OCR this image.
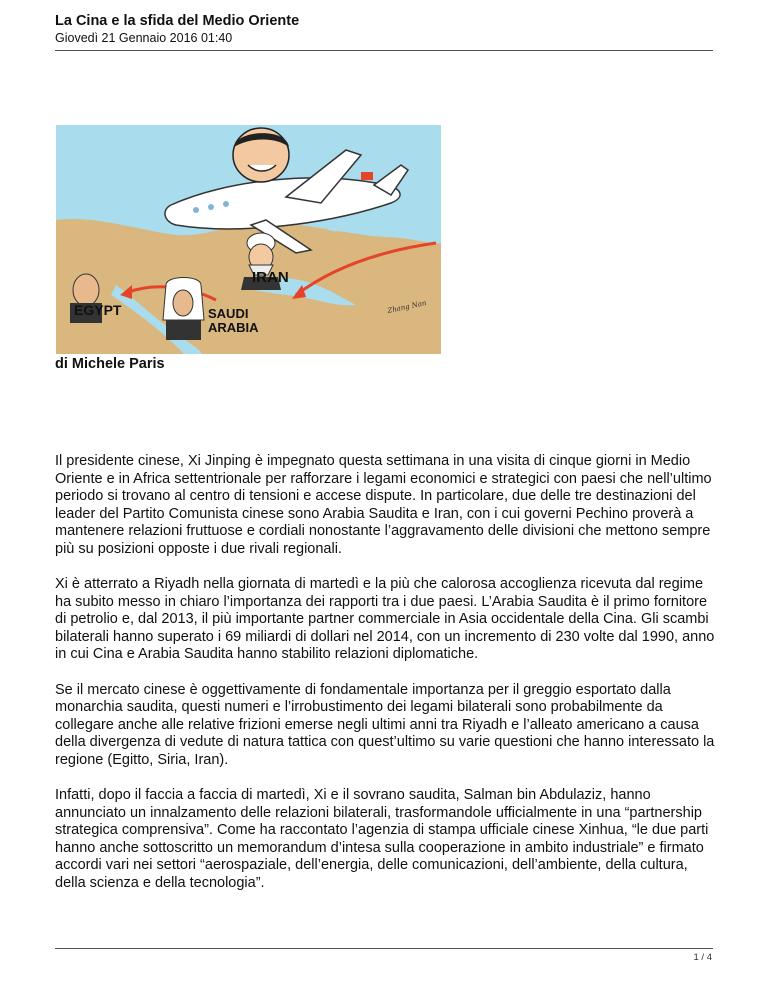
La Cina e la sfida del Medio Oriente
Giovedì 21 Gennaio 2016 01:40
IRAN
EGYPT	SAUDI
ARABIA
Zhang Nan
di Michele Paris

Il presidente cinese, Xi Jinping è impegnato questa settimana in una visita di cinque giorni in Medio Oriente e in Africa settentrionale per rafforzare i legami economici e strategici con paesi che nell’ultimo periodo si trovano al centro di tensioni e accese dispute. In particolare, due delle tre destinazioni del leader del Partito Comunista cinese sono Arabia Saudita e Iran, con i cui governi Pechino proverà a mantenere relazioni fruttuose e cordiali nonostante l’aggravamento delle divisioni che mettono sempre più su posizioni opposte i due rivali regionali.

Xi è atterrato a Riyadh nella giornata di martedì e la più che calorosa accoglienza ricevuta dal regime ha subito messo in chiaro l’importanza dei rapporti tra i due paesi. L’Arabia Saudita è il primo fornitore di petrolio e, dal 2013, il più importante partner commerciale in Asia occidentale della Cina. Gli scambi bilaterali hanno superato i 69 miliardi di dollari nel 2014, con un incremento di 230 volte dal 1990, anno in cui Cina e Arabia Saudita hanno stabilito relazioni diplomatiche.

Se il mercato cinese è oggettivamente di fondamentale importanza per il greggio esportato dalla monarchia saudita, questi numeri e l’irrobustimento dei legami bilaterali sono probabilmente da collegare anche alle relative frizioni emerse negli ultimi anni tra Riyadh e l’alleato americano a causa della divergenza di vedute di natura tattica con quest’ultimo su varie questioni che hanno interessato la regione (Egitto, Siria, Iran).

Infatti, dopo il faccia a faccia di martedì, Xi e il sovrano saudita, Salman bin Abdulaziz, hanno annunciato un innalzamento delle relazioni bilaterali, trasformandole ufficialmente in una “partnership strategica comprensiva”. Come ha raccontato l’agenzia di stampa ufficiale cinese Xinhua, “le due parti hanno anche sottoscritto un memorandum d’intesa sulla cooperazione in ambito industriale” e firmato accordi vari nei settori “aerospaziale, dell’energia, delle comunicazioni, dell’ambiente, della cultura, della scienza e della tecnologia”.

1 / 4
